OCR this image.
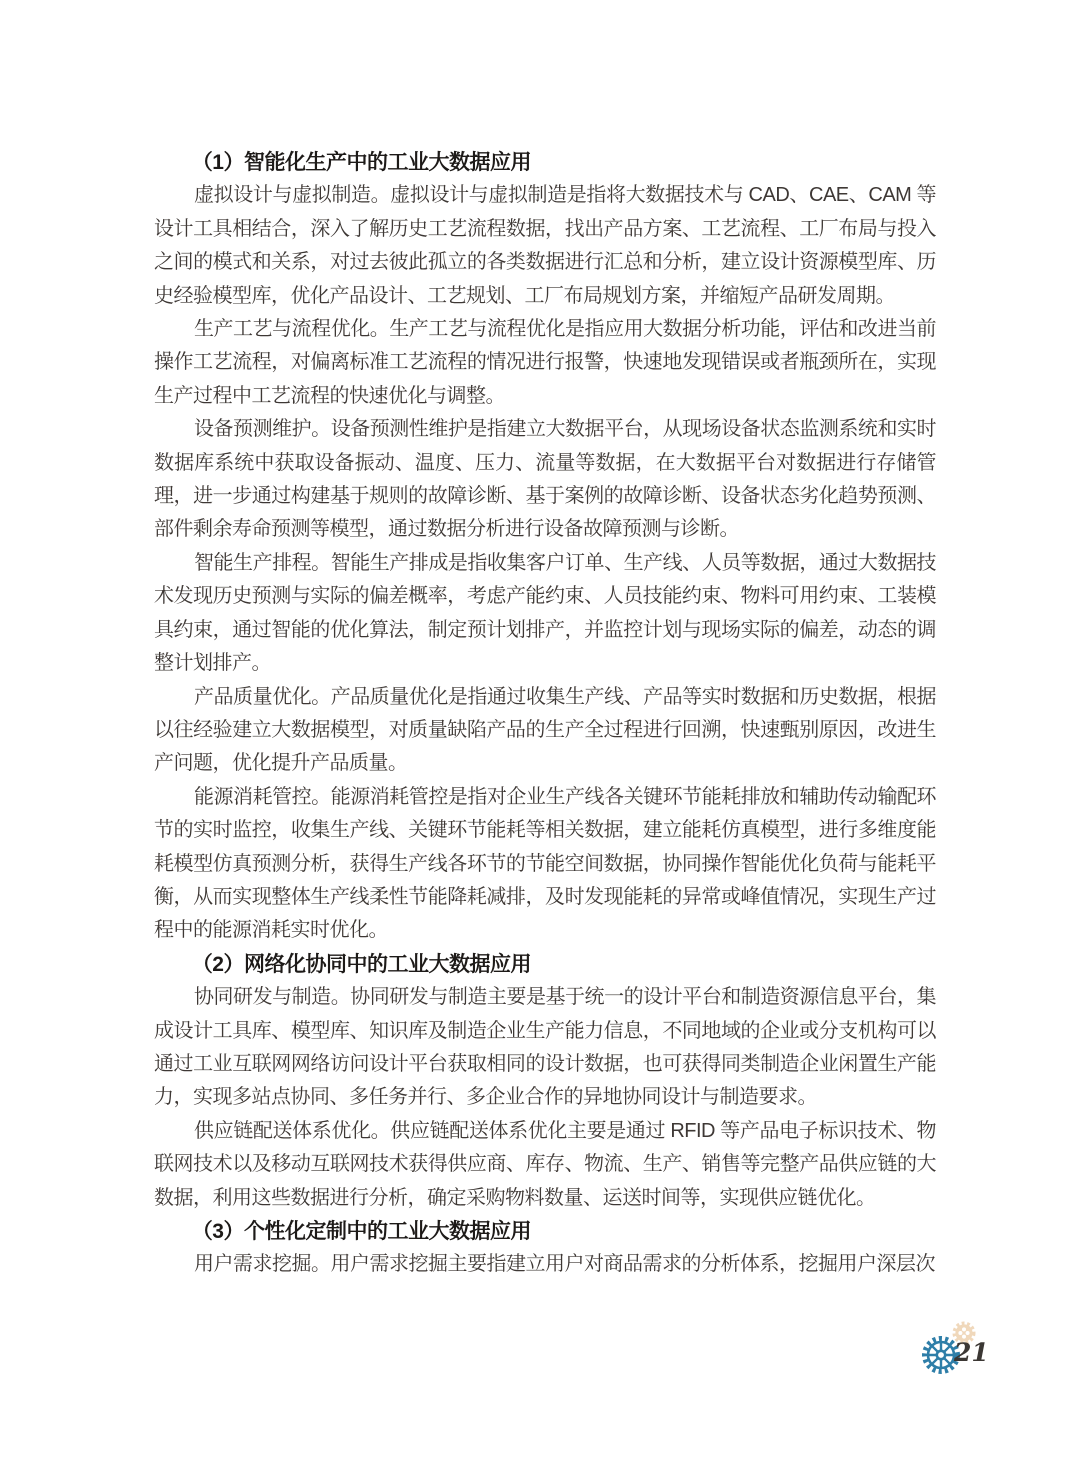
（1）智能化生产中的工业大数据应用

虚拟设计与虚拟制造。虚拟设计与虚拟制造是指将大数据技术与 CAD、CAE、CAM 等设计工具相结合，深入了解历史工艺流程数据，找出产品方案、工艺流程、工厂布局与投入之间的模式和关系，对过去彼此孤立的各类数据进行汇总和分析，建立设计资源模型库、历史经验模型库，优化产品设计、工艺规划、工厂布局规划方案，并缩短产品研发周期。

生产工艺与流程优化。生产工艺与流程优化是指应用大数据分析功能，评估和改进当前操作工艺流程，对偏离标准工艺流程的情况进行报警，快速地发现错误或者瓶颈所在，实现生产过程中工艺流程的快速优化与调整。

设备预测维护。设备预测性维护是指建立大数据平台，从现场设备状态监测系统和实时数据库系统中获取设备振动、温度、压力、流量等数据，在大数据平台对数据进行存储管理，进一步通过构建基于规则的故障诊断、基于案例的故障诊断、设备状态劣化趋势预测、部件剩余寿命预测等模型，通过数据分析进行设备故障预测与诊断。

智能生产排程。智能生产排成是指收集客户订单、生产线、人员等数据，通过大数据技术发现历史预测与实际的偏差概率，考虑产能约束、人员技能约束、物料可用约束、工装模具约束，通过智能的优化算法，制定预计划排产，并监控计划与现场实际的偏差，动态的调整计划排产。

产品质量优化。产品质量优化是指通过收集生产线、产品等实时数据和历史数据，根据以往经验建立大数据模型，对质量缺陷产品的生产全过程进行回溯，快速甄别原因，改进生产问题，优化提升产品质量。

能源消耗管控。能源消耗管控是指对企业生产线各关键环节能耗排放和辅助传动输配环节的实时监控，收集生产线、关键环节能耗等相关数据，建立能耗仿真模型，进行多维度能耗模型仿真预测分析，获得生产线各环节的节能空间数据，协同操作智能优化负荷与能耗平衡，从而实现整体生产线柔性节能降耗减排，及时发现能耗的异常或峰值情况，实现生产过程中的能源消耗实时优化。

（2）网络化协同中的工业大数据应用

协同研发与制造。协同研发与制造主要是基于统一的设计平台和制造资源信息平台，集成设计工具库、模型库、知识库及制造企业生产能力信息，不同地域的企业或分支机构可以通过工业互联网网络访问设计平台获取相同的设计数据，也可获得同类制造企业闲置生产能力，实现多站点协同、多任务并行、多企业合作的异地协同设计与制造要求。

供应链配送体系优化。供应链配送体系优化主要是通过 RFID 等产品电子标识技术、物联网技术以及移动互联网技术获得供应商、库存、物流、生产、销售等完整产品供应链的大数据，利用这些数据进行分析，确定采购物料数量、运送时间等，实现供应链优化。

（3）个性化定制中的工业大数据应用

用户需求挖掘。用户需求挖掘主要指建立用户对商品需求的分析体系，挖掘用户深层次

21
